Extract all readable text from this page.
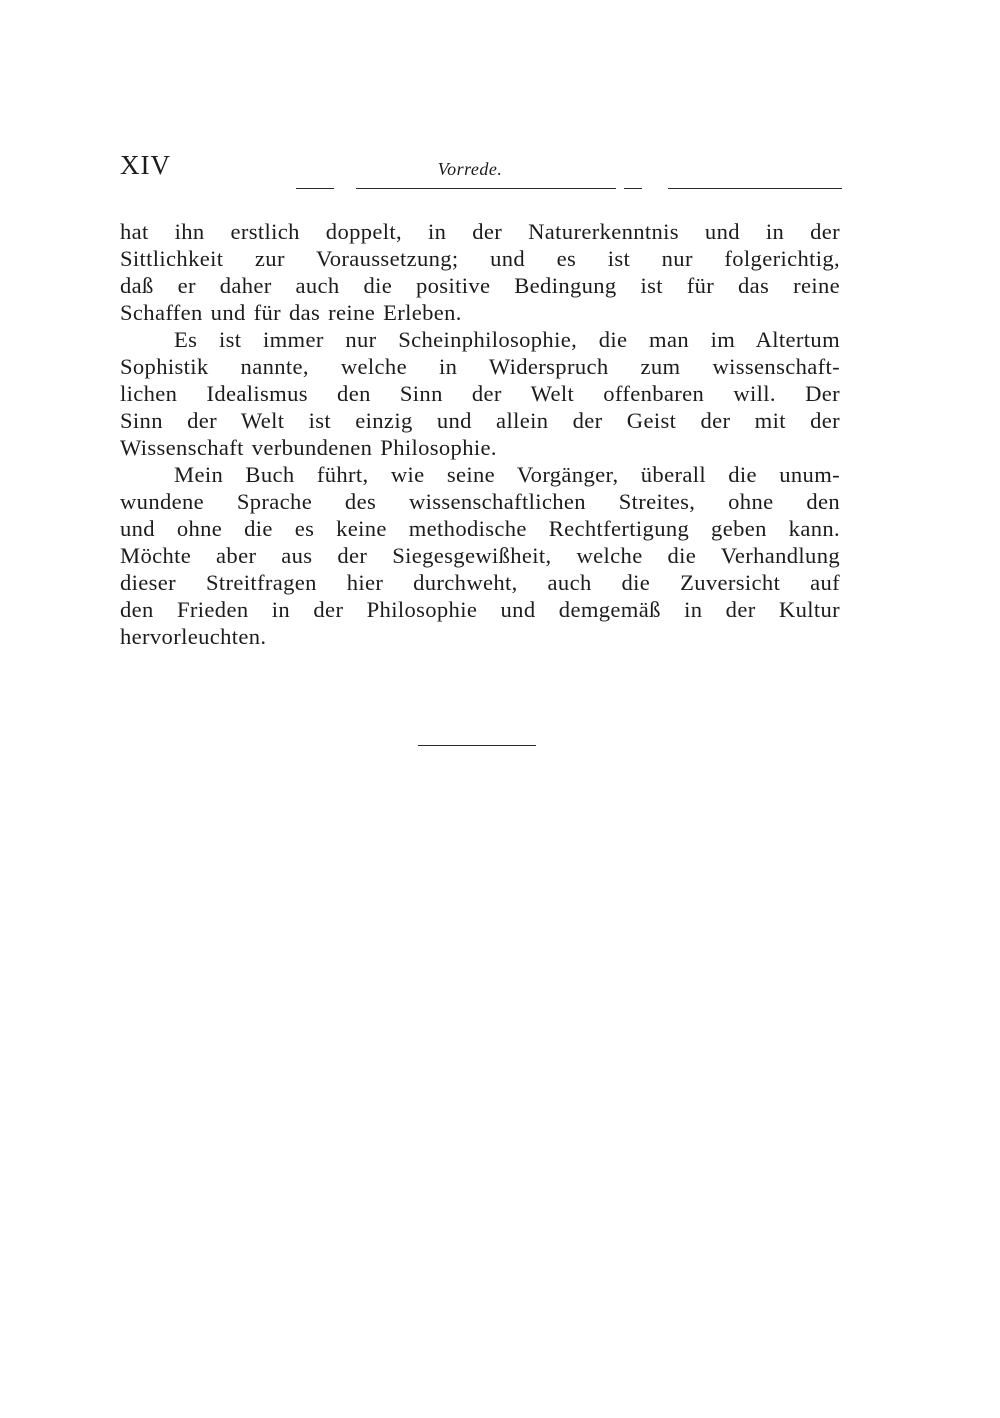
XIV	Vorrede.
hat ihn erstlich doppelt, in der Naturerkenntnis und in der
Sittlichkeit zur Voraussetzung; und es ist nur folgerichtig,
daß er daher auch die positive Bedingung ist für das reine
Schaffen und für das reine Erleben.
Es ist immer nur Scheinphilosophie, die man im Altertum
Sophistik nannte, welche in Widerspruch zum wissenschaft-
lichen Idealismus den Sinn der Welt offenbaren will. Der
Sinn der Welt ist einzig und allein der Geist der mit der
Wissenschaft verbundenen Philosophie.
Mein Buch führt, wie seine Vorgänger, überall die unum-
wundene Sprache des wissenschaftlichen Streites, ohne den
und ohne die es keine methodische Rechtfertigung geben kann.
Möchte aber aus der Siegesgewißheit, welche die Verhandlung
dieser Streitfragen hier durchweht, auch die Zuversicht auf
den Frieden in der Philosophie und demgemäß in der Kultur
hervorleuchten.
